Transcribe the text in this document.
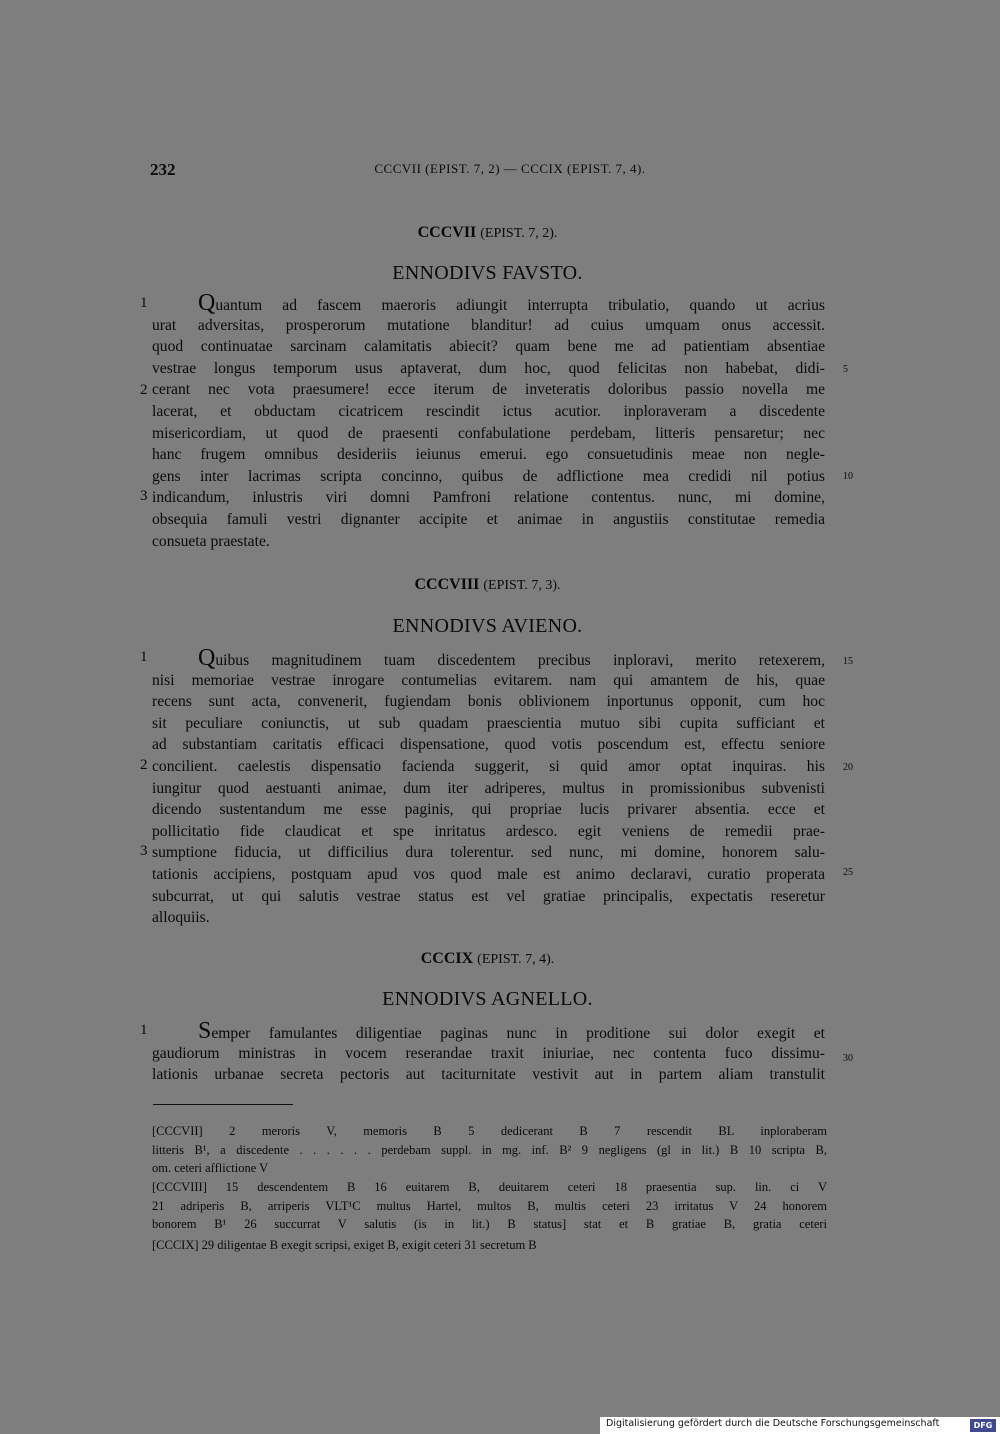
232	CCCVII (EPIST. 7, 2) — CCCIX (EPIST. 7, 4).
CCCVII (EPIST. 7, 2).
ENNODIVS FAVSTO.
1
2
3
5
10
Quantum ad fascem maeroris adiungit interrupta tribulatio, quando ut acrius
urat adversitas, prosperorum mutatione blanditur! ad cuius umquam onus accessit.
quod continuatae sarcinam calamitatis abiecit? quam bene me ad patientiam absentiae
vestrae longus temporum usus aptaverat, dum hoc, quod felicitas non habebat, didi-
cerant nec vota praesumere! ecce iterum de inveteratis doloribus passio novella me
lacerat, et obductam cicatricem rescindit ictus acutior. inploraveram a discedente
misericordiam, ut quod de praesenti confabulatione perdebam, litteris pensaretur; nec
hanc frugem omnibus desideriis ieiunus emerui. ego consuetudinis meae non negle-
gens inter lacrimas scripta concinno, quibus de adflictione mea credidi nil potius
indicandum, inlustris viri domni Pamfroni relatione contentus. nunc, mi domine,
obsequia famuli vestri dignanter accipite et animae in angustiis constitutae remedia
consueta praestate.
CCCVIII (EPIST. 7, 3).
ENNODIVS AVIENO.
1
2
3
15
20
25
Quibus magnitudinem tuam discedentem precibus inploravi, merito retexerem,
nisi memoriae vestrae inrogare contumelias evitarem. nam qui amantem de his, quae
recens sunt acta, convenerit, fugiendam bonis oblivionem inportunus opponit, cum hoc
sit peculiare coniunctis, ut sub quadam praescientia mutuo sibi cupita sufficiant et
ad substantiam caritatis efficaci dispensatione, quod votis poscendum est, effectu seniore
concilient. caelestis dispensatio facienda suggerit, si quid amor optat inquiras. his
iungitur quod aestuanti animae, dum iter adriperes, multus in promissionibus subvenisti
dicendo sustentandum me esse paginis, qui propriae lucis privarer absentia. ecce et
pollicitatio fide claudicat et spe inritatus ardesco. egit veniens de remedii prae-
sumptione fiducia, ut difficilius dura tolerentur. sed nunc, mi domine, honorem salu-
tationis accipiens, postquam apud vos quod male est animo declaravi, curatio properata
subcurrat, ut qui salutis vestrae status est vel gratiae principalis, expectatis reseretur
alloquiis.
CCCIX (EPIST. 7, 4).
ENNODIVS AGNELLO.
1
30
Semper famulantes diligentiae paginas nunc in proditione sui dolor exegit et
gaudiorum ministras in vocem reserandae traxit iniuriae, nec contenta fuco dissimu-
lationis urbanae secreta pectoris aut taciturnitate vestivit aut in partem aliam transtulit
[CCCVII] 2 meroris V, memoris B 5 dedicerant B 7 rescendit BL inploraberam
litteris B¹, a discedente . . . . . . perdebam suppl. in mg. inf. B² 9 negligens (gl in lit.) B 10 scripta B,
om. ceteri afflictione V
[CCCVIII] 15 descendentem B 16 euitarem B, deuitarem ceteri 18 praesentia sup. lin. ci V
21 adriperis B, arriperis VLT¹C multus Hartel, multos B, multis ceteri 23 irritatus V 24 honorem
bonorem B¹ 26 succurrat V salutis (is in lit.) B status] stat et B gratiae B, gratia ceteri
[CCCIX] 29 diligentae B exegit scripsi, exiget B, exigit ceteri 31 secretum B
Digitalisierung gefördert durch die Deutsche Forschungsgemeinschaft	DFG
